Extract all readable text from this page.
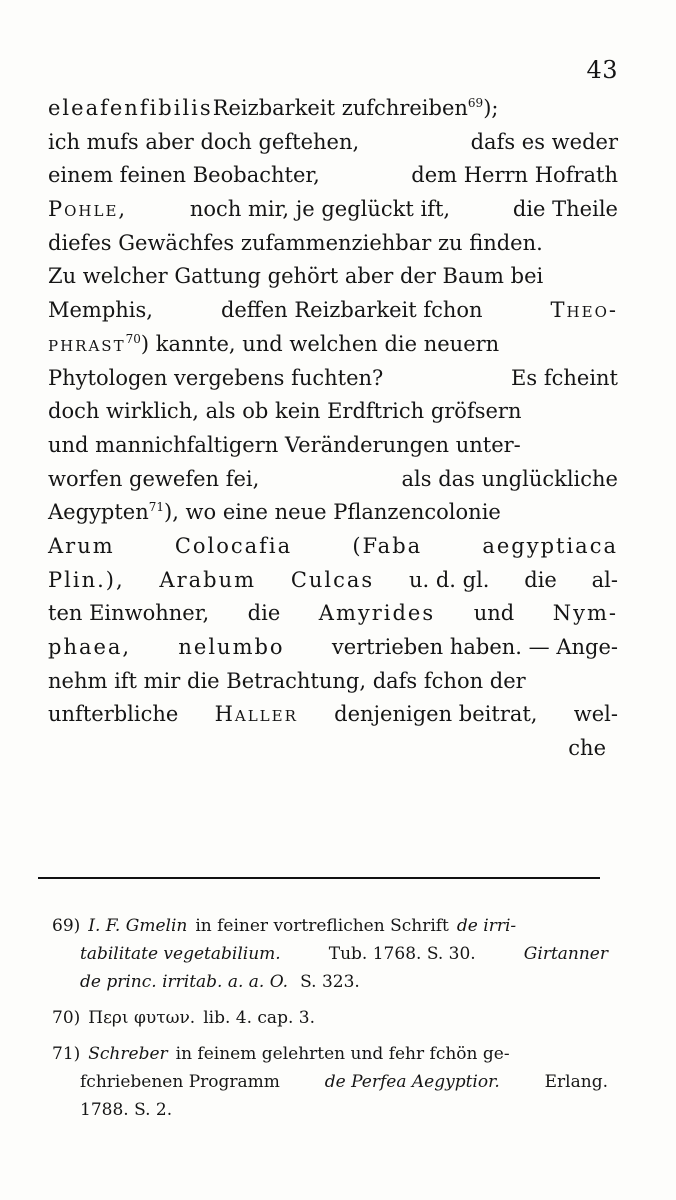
43
eleafenfibilisReizbarkeit zufchreiben69);
ich mufs aber doch geftehen,	dafs es weder
einem feinen Beobachter,	dem Herrn Hofrath
Pohle,	noch mir, je geglückt ift,	die Theile
diefes Gewächfes zufammenziehbar zu finden.
Zu welcher Gattung gehört aber der Baum bei
Memphis,	deffen Reizbarkeit fchon	Theo-
phrast70) kannte, und welchen die neuern
Phytologen vergebens fuchten?	Es fcheint
doch wirklich, als ob kein Erdftrich gröfsern
und mannichfaltigern Veränderungen unter-
worfen gewefen fei,	als das unglückliche
Aegypten71), wo eine neue Pflanzencolonie
Arum	Colocafia	(Faba	aegyptiaca
Plin.), Arabum Culcas u. d. gl. die al-
ten Einwohner, die Amyrides und Nym-
phaea, nelumbo vertrieben haben. — Ange-
nehm ift mir die Betrachtung, dafs fchon der
unfterbliche Haller denjenigen beitrat, wel-
che
69) I. F. Gmelin in feiner vortreflichen Schrift de irri-
tabilitate vegetabilium.	Tub. 1768. S. 30.	Girtanner
de princ. irritab. a. a. O. S. 323.
70) Περι φυτων. lib. 4. cap. 3.
71) Schreber in feinem gelehrten und fehr fchön ge-
fchriebenen Programm	de Perfea Aegyptior.	Erlang.
1788. S. 2.
